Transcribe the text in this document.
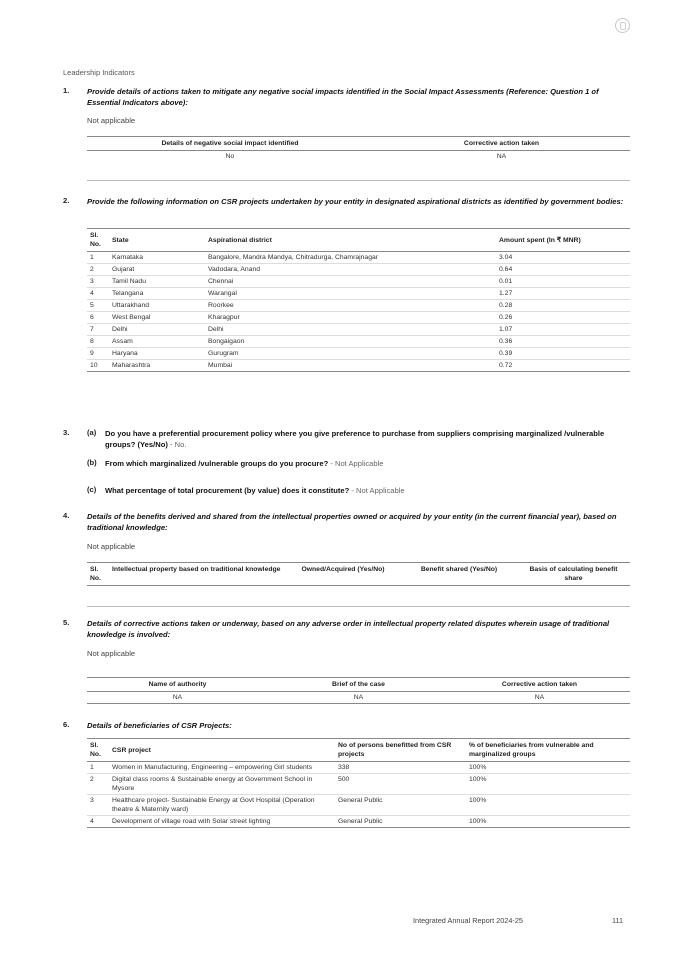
Leadership Indicators
1. Provide details of actions taken to mitigate any negative social impacts identified in the Social Impact Assessments (Reference: Question 1 of Essential Indicators above):
Not applicable
Details of negative social impact identified	Corrective action taken
No	NA
2. Provide the following information on CSR projects undertaken by your entity in designated aspirational districts as identified by government bodies:
Sl. No.	State	Aspirational district	Amount spent (In ₹ MNR)
1	Karnataka	Bangalore, Mandra Mandya, Chitradurga, Chamrajnagar	3.04
2	Gujarat	Vadodara, Anand	0.64
3	Tamil Nadu	Chennai	0.01
4	Telangana	Warangal	1.27
5	Uttarakhand	Roorkee	0.28
6	West Bengal	Kharagpur	0.26
7	Delhi	Delhi	1.07
8	Assam	Bongaigaon	0.36
9	Haryana	Gurugram	0.39
10	Maharashtra	Mumbai	0.72
3. (a) Do you have a preferential procurement policy where you give preference to purchase from suppliers comprising marginalized /vulnerable groups? (Yes/No) - No.
(b) From which marginalized /vulnerable groups do you procure? - Not Applicable
(c) What percentage of total procurement (by value) does it constitute? - Not Applicable
4. Details of the benefits derived and shared from the intellectual properties owned or acquired by your entity (in the current financial year), based on traditional knowledge:
Not applicable
Sl. No.	Intellectual property based on traditional knowledge	Owned/Acquired (Yes/No)	Benefit shared (Yes/No)	Basis of calculating benefit share
5. Details of corrective actions taken or underway, based on any adverse order in intellectual property related disputes wherein usage of traditional knowledge is involved:
Not applicable
Name of authority	Brief of the case	Corrective action taken
NA	NA	NA
6. Details of beneficiaries of CSR Projects:
Sl. No.	CSR project	No of persons benefitted from CSR projects	% of beneficiaries from vulnerable and marginalized groups
1	Women in Manufacturing, Engineering – empowering Girl students	338	100%
2	Digital class rooms & Sustainable energy at Government School in Mysore	500	100%
3	Healthcare project- Sustainable Energy at Govt Hospital (Operation theatre & Maternity ward)	General Public	100%
4	Development of village road with Solar street lighting	General Public	100%
Integrated Annual Report 2024-25	111
